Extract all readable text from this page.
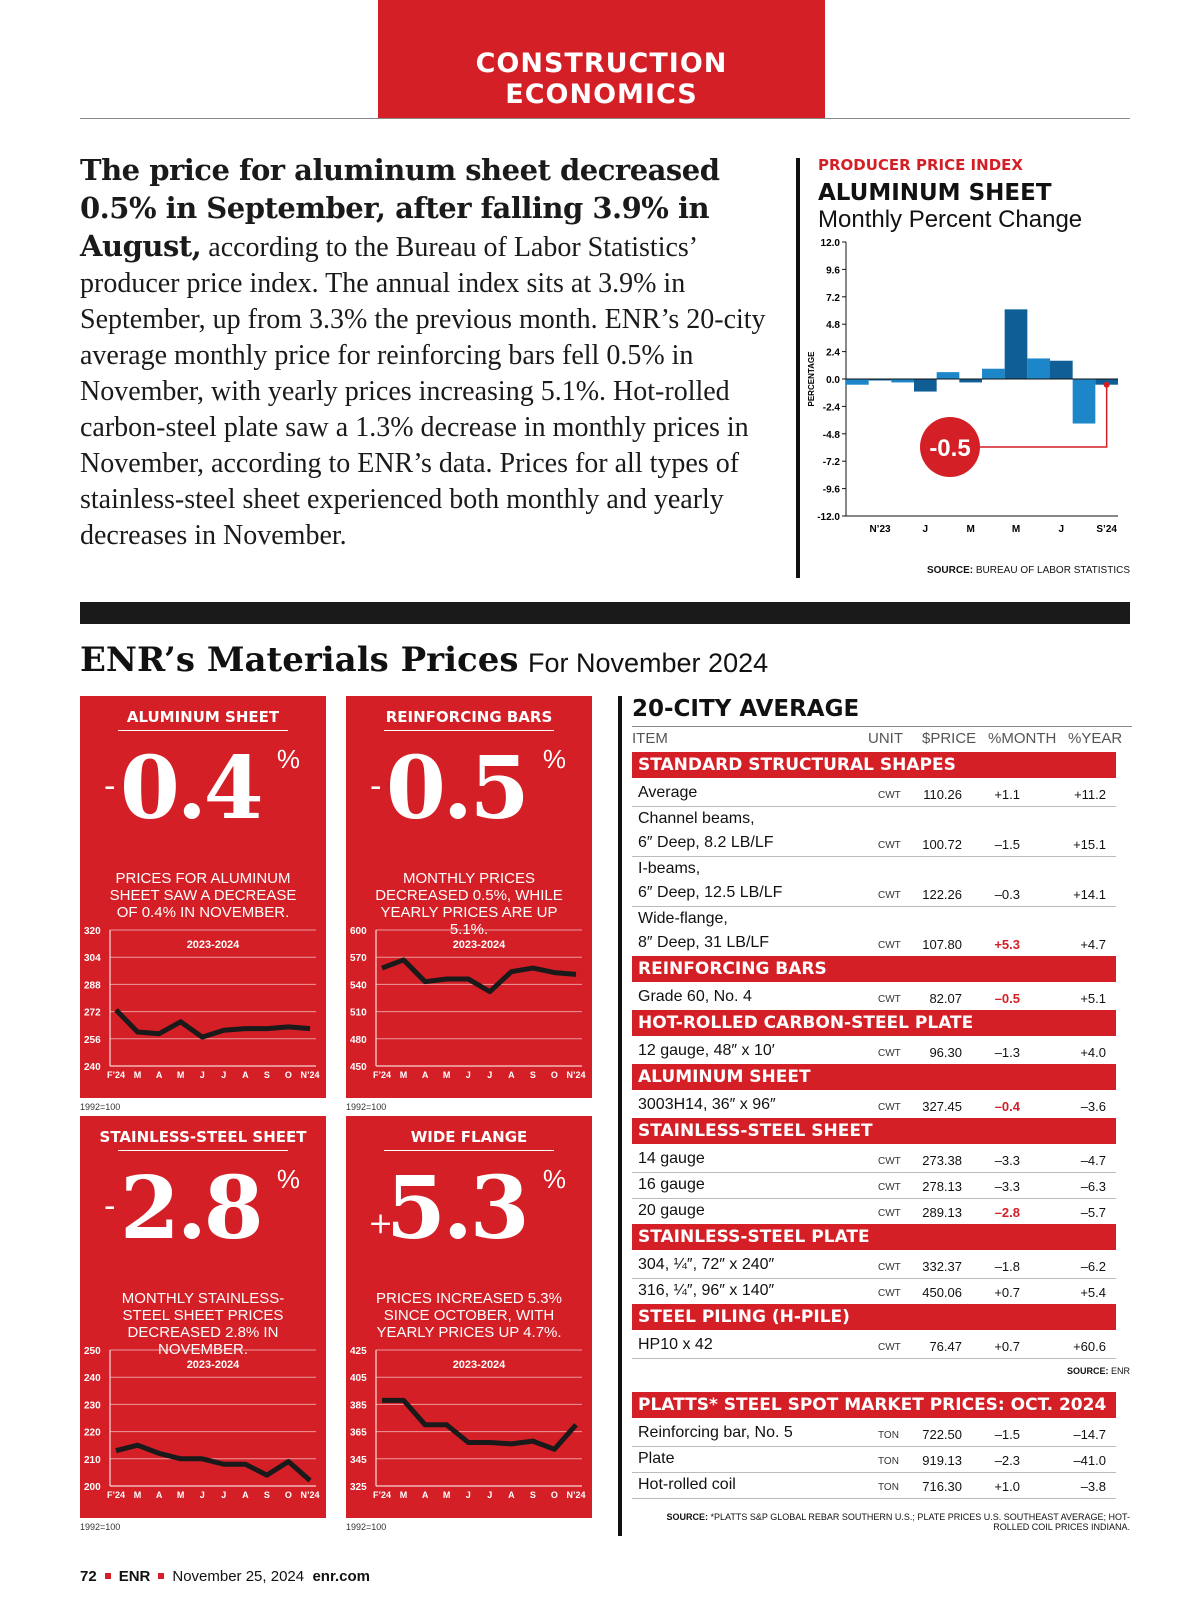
CONSTRUCTION ECONOMICS
The price for aluminum sheet decreased 0.5% in September, after falling 3.9% in August, according to the Bureau of Labor Statistics’ producer price index. The annual index sits at 3.9% in September, up from 3.3% the previous month. ENR’s 20-city average monthly price for reinforcing bars fell 0.5% in November, with yearly prices increasing 5.1%. Hot-rolled carbon-steel plate saw a 1.3% decrease in monthly prices in November, according to ENR’s data. Prices for all types of stainless-steel sheet experienced both monthly and yearly decreases in November.
PRODUCER PRICE INDEX
ALUMINUM SHEET
Monthly Percent Change
12.0
9.6
7.2
4.8
2.4
0.0
-2.4
-4.8
-7.2
-9.6
-12.0
PERCENTAGE
N’23	J	M	M	J	S’24
-0.5
SOURCE: BUREAU OF LABOR STATISTICS
ENR’s Materials Prices For November 2024
ALUMINUM SHEET
- 0.4 %
PRICES FOR ALUMINUM SHEET SAW A DECREASE OF 0.4% IN NOVEMBER.
320
304
288
272
256
240
2023-2024
F’24 M A M J J A S O N’24
1992=100
REINFORCING BARS
- 0.5 %
MONTHLY PRICES DECREASED 0.5%, WHILE YEARLY PRICES ARE UP 5.1%.
600
570
540
510
480
450
2023-2024
F’24 M A M J J A S O N’24
1992=100
STAINLESS-STEEL SHEET
- 2.8 %
MONTHLY STAINLESS-STEEL SHEET PRICES DECREASED 2.8% IN NOVEMBER.
250
240
230
220
210
200
2023-2024
F’24 M A M J J A S O N’24
1992=100
WIDE FLANGE
+
5.3 %
PRICES INCREASED 5.3% SINCE OCTOBER, WITH YEARLY PRICES UP 4.7%.
425
405
385
365
345
325
2023-2024
F’24 M A M J J A S O N’24
1992=100
20-CITY AVERAGE
ITEM	UNIT $PRICE %MONTH %YEAR
STANDARD STRUCTURAL SHAPES
Average	CWT 110.26 +1.1	+11.2
Channel beams,
6″ Deep, 8.2 LB/LF	CWT 100.72	–1.5	+15.1
I-beams,
6″ Deep, 12.5 LB/LF	CWT 122.26	–0.3	+14.1
Wide-flange,
8″ Deep, 31 LB/LF	CWT 107.80 +5.3	+4.7
REINFORCING BARS
Grade 60, No. 4	CWT 82.07	–0.5	+5.1
HOT-ROLLED CARBON-STEEL PLATE
12 gauge, 48″ x 10′	CWT 96.30	–1.3	+4.0
ALUMINUM SHEET
3003H14, 36″ x 96″	CWT 327.45	–0.4	–3.6
STAINLESS-STEEL SHEET
14 gauge	CWT 273.38	–3.3	–4.7
16 gauge	CWT 278.13	–3.3	–6.3
20 gauge	CWT 289.13	–2.8	–5.7
STAINLESS-STEEL PLATE
304, ¼″, 72″ x 240″	CWT 332.37	–1.8	–6.2
316, ¼″, 96″ x 140″	CWT 450.06 +0.7	+5.4
STEEL PILING (H-PILE)
HP10 x 42	CWT 76.47 +0.7	+60.6
SOURCE: ENR
PLATTS* STEEL SPOT MARKET PRICES: OCT. 2024
Reinforcing bar, No. 5	TON 722.50	–1.5	–14.7
Plate	TON 919.13	–2.3	–41.0
Hot-rolled coil	TON 716.30 +1.0	–3.8
SOURCE: *PLATTS S&P GLOBAL REBAR SOUTHERN U.S.; PLATE PRICES U.S. SOUTHEAST AVERAGE; HOT-ROLLED COIL PRICES INDIANA.
72 ENR November 25, 2024 enr.com
